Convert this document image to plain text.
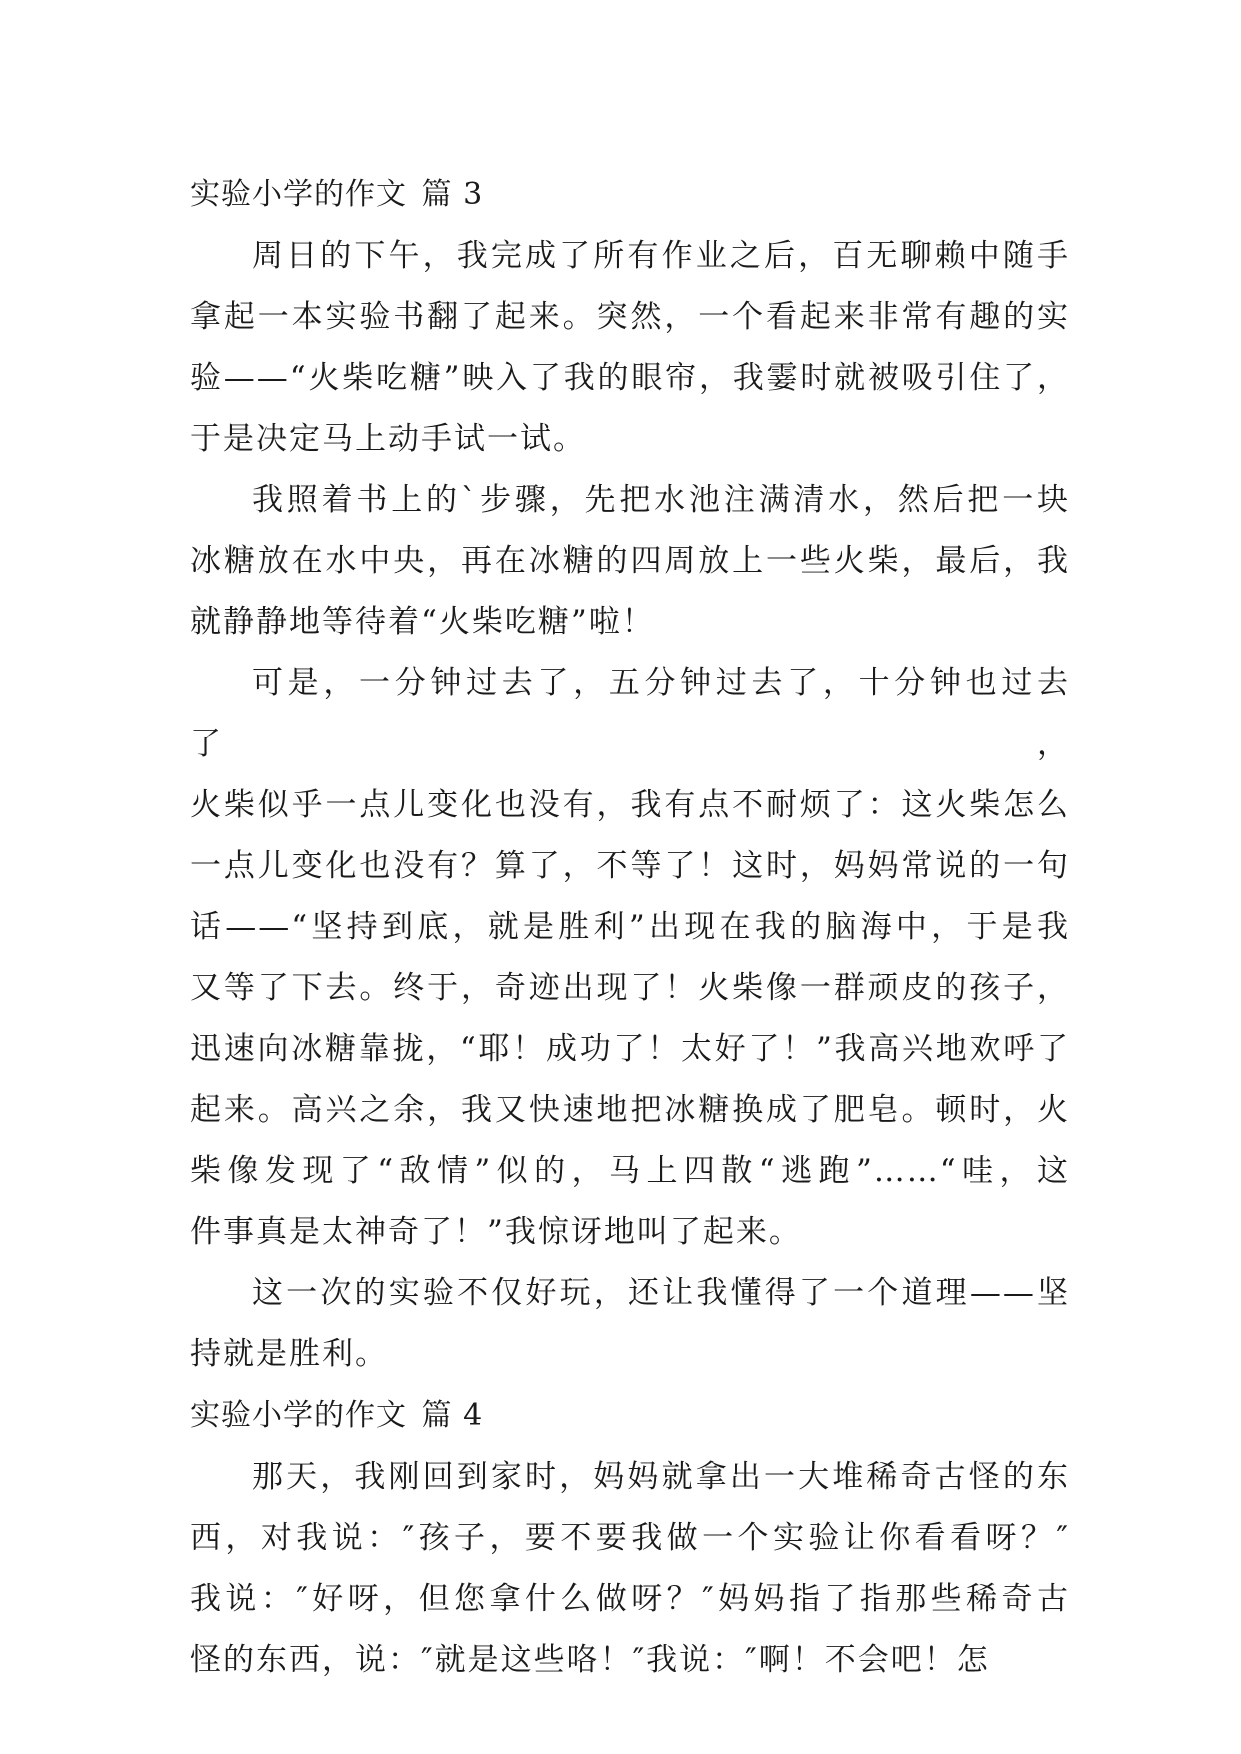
实验小学的作文 篇 3
周日的下午，我完成了所有作业之后，百无聊赖中随手
拿起一本实验书翻了起来。突然，一个看起来非常有趣的实
验——“火柴吃糖”映入了我的眼帘，我霎时就被吸引住了，
于是决定马上动手试一试。
我照着书上的`步骤，先把水池注满清水，然后把一块
冰糖放在水中央，再在冰糖的四周放上一些火柴，最后，我
就静静地等待着“火柴吃糖”啦！
可是，一分钟过去了，五分钟过去了，十分钟也过去了，
火柴似乎一点儿变化也没有，我有点不耐烦了：这火柴怎么
一点儿变化也没有？算了，不等了！这时，妈妈常说的一句
话——“坚持到底，就是胜利”出现在我的脑海中，于是我
又等了下去。终于，奇迹出现了！火柴像一群顽皮的孩子，
迅速向冰糖靠拢，“耶！成功了！太好了！”我高兴地欢呼了
起来。高兴之余，我又快速地把冰糖换成了肥皂。顿时，火
柴像发现了“敌情”似的，马上四散“逃跑”……“哇，这
件事真是太神奇了！”我惊讶地叫了起来。
这一次的实验不仅好玩，还让我懂得了一个道理——坚
持就是胜利。
实验小学的作文 篇 4
那天，我刚回到家时，妈妈就拿出一大堆稀奇古怪的东
西，对我说：″孩子，要不要我做一个实验让你看看呀？″
我说：″好呀，但您拿什么做呀？″妈妈指了指那些稀奇古
怪的东西，说：″就是这些咯！″我说：″啊！不会吧！怎
